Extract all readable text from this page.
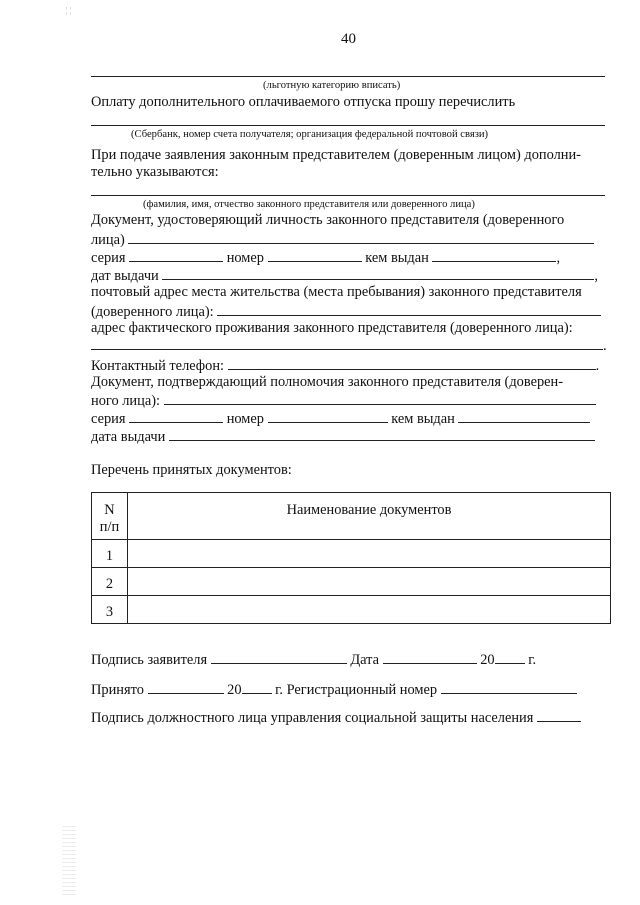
¦ ¦
40
(льготную категорию вписать)
Оплату дополнительного оплачиваемого отпуска прошу перечислить
(Сбербанк, номер счета получателя; организация федеральной почтовой связи)
При подаче заявления законным представителем (доверенным лицом) дополни-
тельно указываются:
(фамилия, имя, отчество законного представителя или доверенного лица)
Документ, удостоверяющий личность законного представителя (доверенного
лица)
серия	номер	кем выдан	,
дат выдачи	,
почтовый адрес места жительства (места пребывания) законного представителя
(доверенного лица):
адрес фактического проживания законного представителя (доверенного лица):
.
Контактный телефон:	.
Документ, подтверждающий полномочия законного представителя (доверен-
ного лица):
серия	номер	кем выдан
дата выдачи
Перечень принятых документов:
N
п/п	Наименование документов
1	
2	
3	
Подпись заявителя	Дата	20 г.
Принято	20 г. Регистрационный номер
Подпись должностного лица управления социальной защиты населения
